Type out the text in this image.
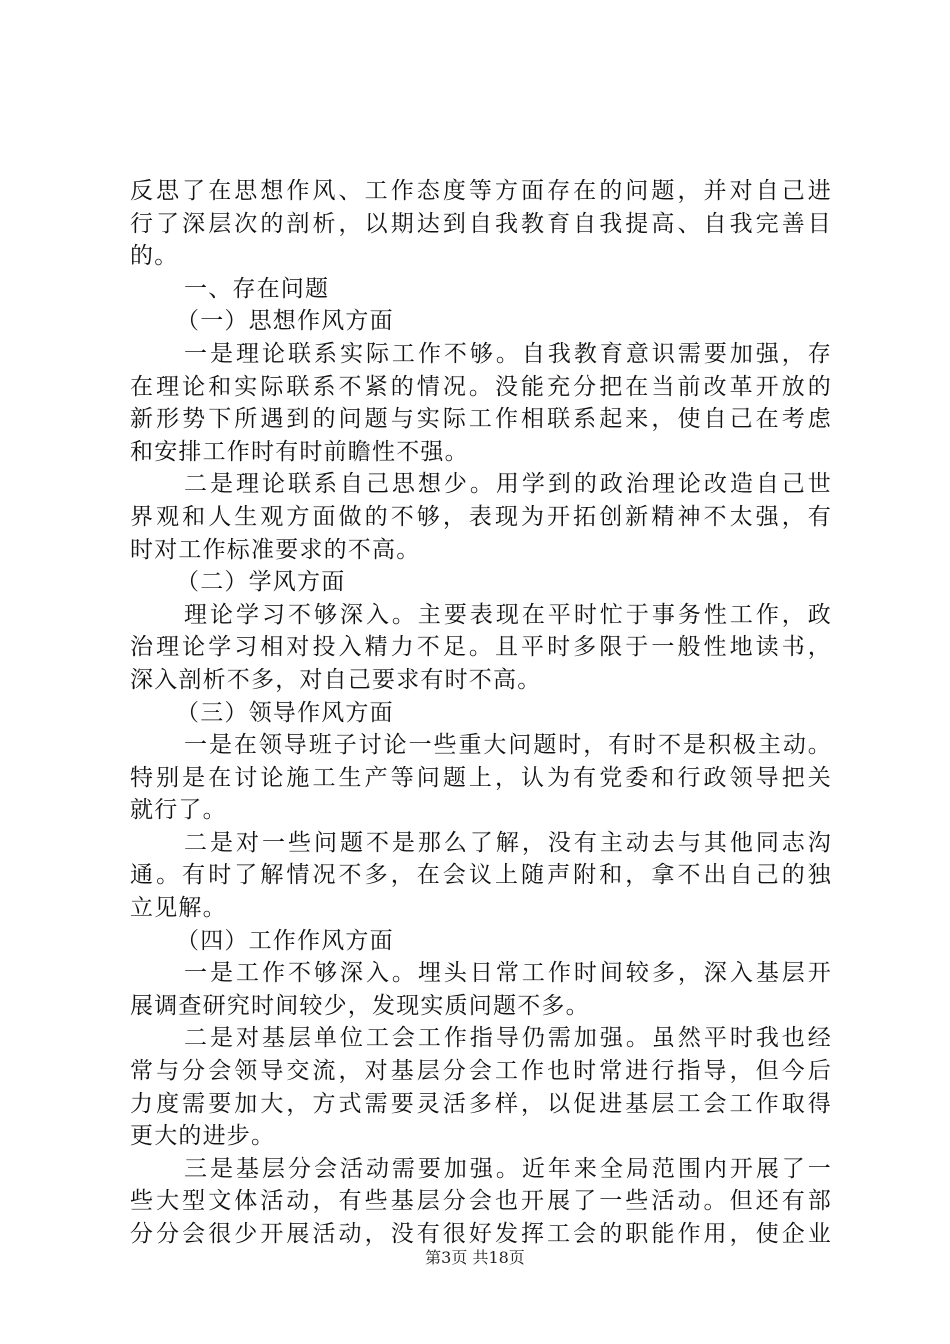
反思了在思想作风、工作态度等方面存在的问题，并对自己进
行了深层次的剖析，以期达到自我教育自我提高、自我完善目
的。
一、存在问题
（一）思想作风方面
一是理论联系实际工作不够。自我教育意识需要加强，存
在理论和实际联系不紧的情况。没能充分把在当前改革开放的
新形势下所遇到的问题与实际工作相联系起来，使自己在考虑
和安排工作时有时前瞻性不强。
二是理论联系自己思想少。用学到的政治理论改造自己世
界观和人生观方面做的不够，表现为开拓创新精神不太强，有
时对工作标准要求的不高。
（二）学风方面
理论学习不够深入。主要表现在平时忙于事务性工作，政
治理论学习相对投入精力不足。且平时多限于一般性地读书，
深入剖析不多，对自己要求有时不高。
（三）领导作风方面
一是在领导班子讨论一些重大问题时，有时不是积极主动。
特别是在讨论施工生产等问题上，认为有党委和行政领导把关
就行了。
二是对一些问题不是那么了解，没有主动去与其他同志沟
通。有时了解情况不多，在会议上随声附和，拿不出自己的独
立见解。
（四）工作作风方面
一是工作不够深入。埋头日常工作时间较多，深入基层开
展调查研究时间较少，发现实质问题不多。
二是对基层单位工会工作指导仍需加强。虽然平时我也经
常与分会领导交流，对基层分会工作也时常进行指导，但今后
力度需要加大，方式需要灵活多样，以促进基层工会工作取得
更大的进步。
三是基层分会活动需要加强。近年来全局范围内开展了一
些大型文体活动，有些基层分会也开展了一些活动。但还有部
分分会很少开展活动，没有很好发挥工会的职能作用，使企业
第3页 共18页
